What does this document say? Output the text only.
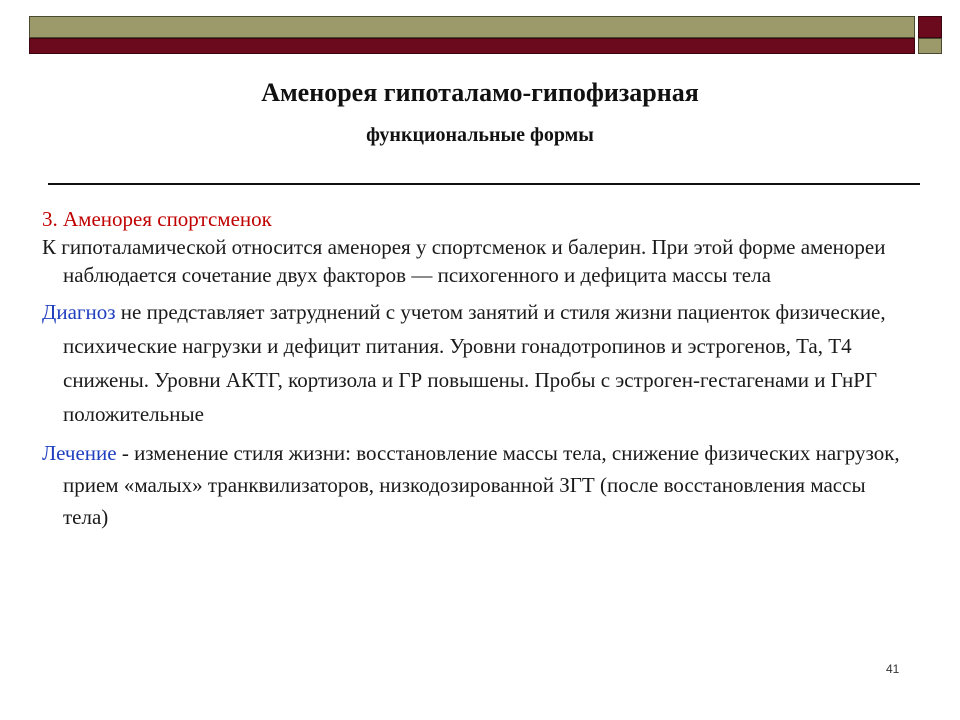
Аменорея гипоталамо-гипофизарная
функциональные формы

3. Аменорея спортсменок

К гипоталамической относится аменорея у спортсменок и балерин. При этой форме аменореи наблюдается сочетание двух факторов — психогенного и дефицита массы тела

Диагноз не представляет затруднений с учетом занятий и стиля жизни пациенток физические, психические нагрузки и дефицит питания. Уровни гонадотропинов и эстрогенов, Та, Т4 снижены. Уровни АКТГ, кортизола и ГР повышены. Пробы с эстроген-гестагенами и ГнРГ положительные

Лечение - изменение стиля жизни: восстановление массы тела, снижение физических нагрузок, прием «малых» транквилизаторов, низкодозированной ЗГТ (после восстановления массы тела)

41
